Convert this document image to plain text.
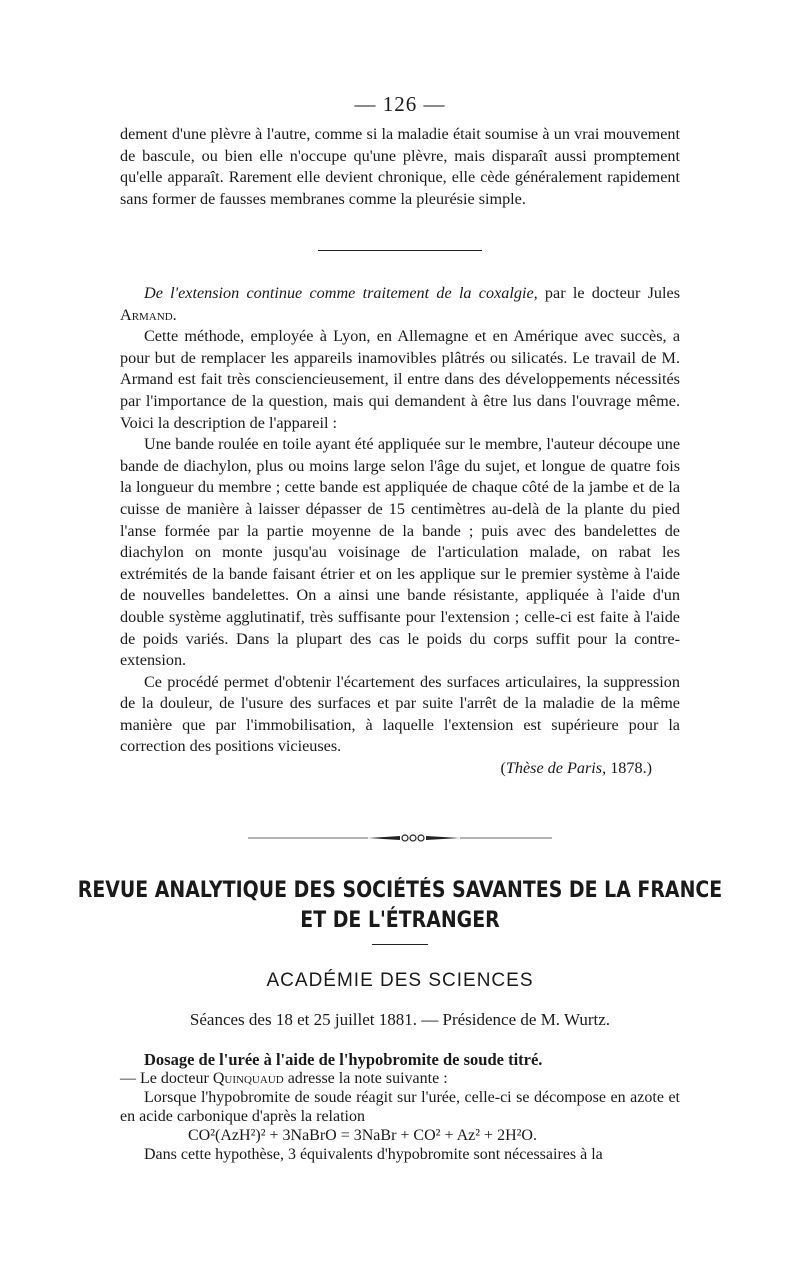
— 126 —

dement d'une plèvre à l'autre, comme si la maladie était soumise à un vrai mouvement de bascule, ou bien elle n'occupe qu'une plèvre, mais disparaît aussi promptement qu'elle apparaît. Rarement elle devient chronique, elle cède généralement rapidement sans former de fausses membranes comme la pleurésie simple.

De l'extension continue comme traitement de la coxalgie, par le docteur Jules Armand.

Cette méthode, employée à Lyon, en Allemagne et en Amérique avec succès, a pour but de remplacer les appareils inamovibles plâtrés ou silicatés. Le travail de M. Armand est fait très consciencieusement, il entre dans des développements nécessités par l'importance de la question, mais qui demandent à être lus dans l'ouvrage même. Voici la description de l'appareil :

Une bande roulée en toile ayant été appliquée sur le membre, l'auteur découpe une bande de diachylon, plus ou moins large selon l'âge du sujet, et longue de quatre fois la longueur du membre ; cette bande est appliquée de chaque côté de la jambe et de la cuisse de manière à laisser dépasser de 15 centimètres au-delà de la plante du pied l'anse formée par la partie moyenne de la bande ; puis avec des bandelettes de diachylon on monte jusqu'au voisinage de l'articulation malade, on rabat les extrémités de la bande faisant étrier et on les applique sur le premier système à l'aide de nouvelles bandelettes. On a ainsi une bande résistante, appliquée à l'aide d'un double système agglutinatif, très suffisante pour l'extension ; celle-ci est faite à l'aide de poids variés. Dans la plupart des cas le poids du corps suffit pour la contre-extension.

Ce procédé permet d'obtenir l'écartement des surfaces articulaires, la suppression de la douleur, de l'usure des surfaces et par suite l'arrêt de la maladie de la même manière que par l'immobilisation, à laquelle l'extension est supérieure pour la correction des positions vicieuses.

(Thèse de Paris, 1878.)

REVUE ANALYTIQUE DES SOCIÉTÉS SAVANTES DE LA FRANCE
ET DE L'ÉTRANGER
ACADÉMIE DES SCIENCES
Séances des 18 et 25 juillet 1881. — Présidence de M. Wurtz.

Dosage de l'urée à l'aide de l'hypobromite de soude titré.

— Le docteur Quinquaud adresse la note suivante :

Lorsque l'hypobromite de soude réagit sur l'urée, celle-ci se décompose en azote et en acide carbonique d'après la relation

CO²(AzH²)² + 3NaBrO = 3NaBr + CO² + Az² + 2H²O.

Dans cette hypothèse, 3 équivalents d'hypobromite sont nécessaires à la
